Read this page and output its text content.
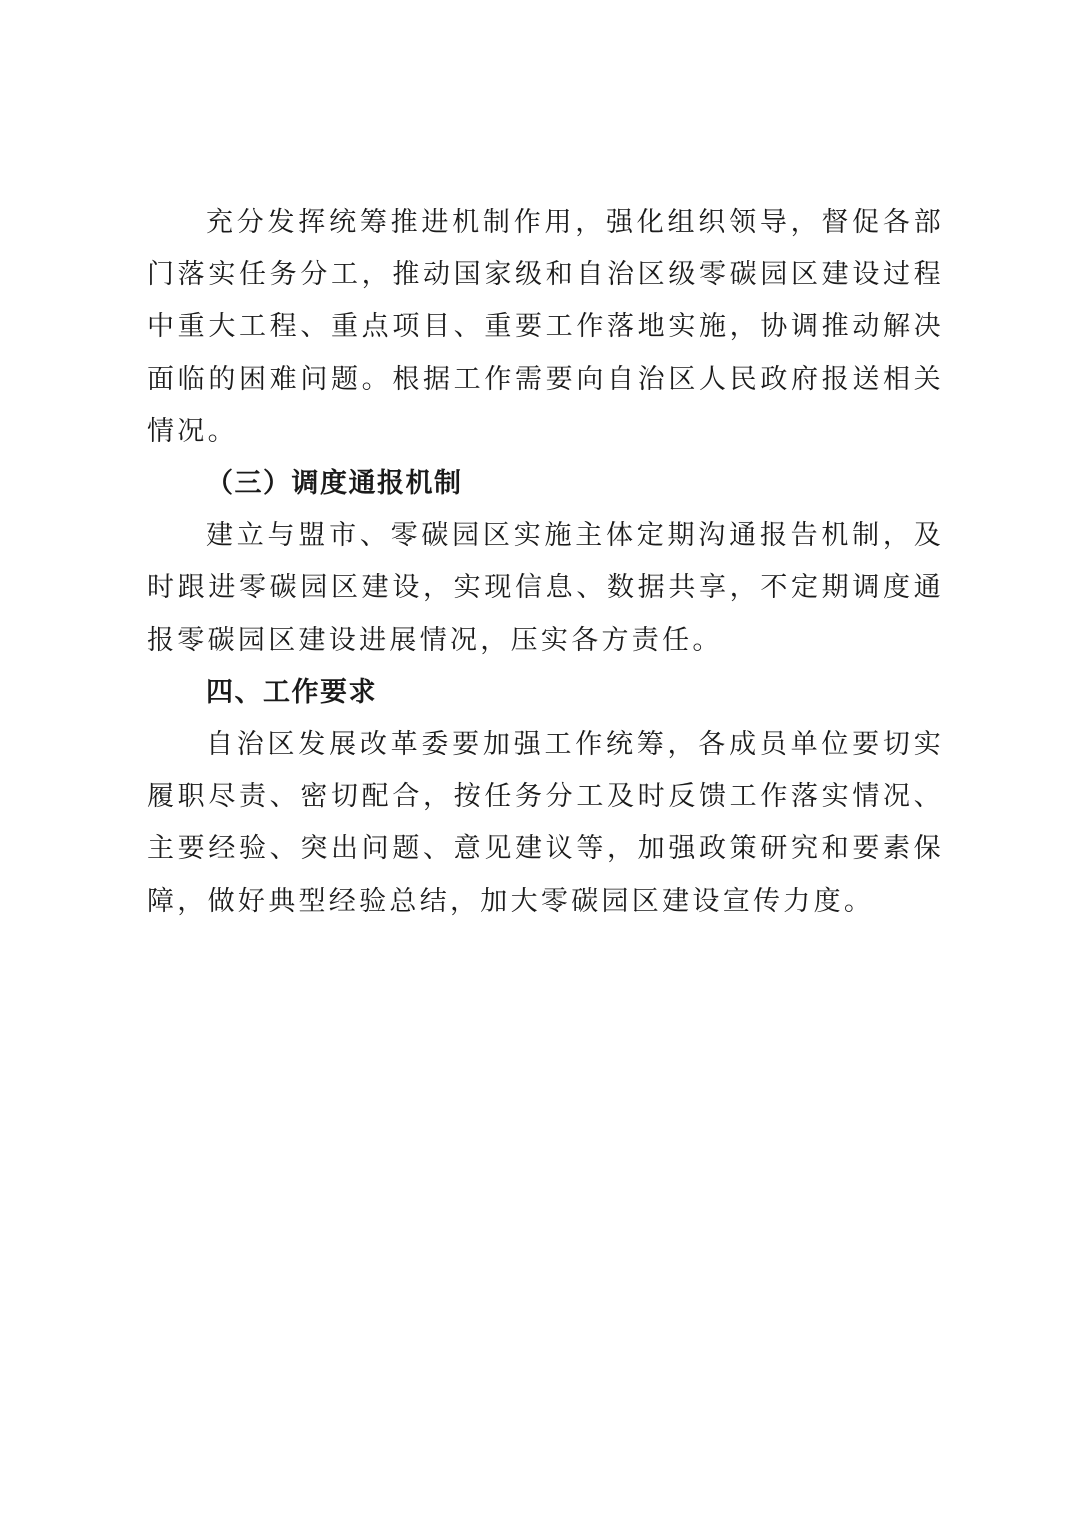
充分发挥统筹推进机制作用，强化组织领导，督促各部门落实任务分工，推动国家级和自治区级零碳园区建设过程中重大工程、重点项目、重要工作落地实施，协调推动解决面临的困难问题。根据工作需要向自治区人民政府报送相关情况。

（三）调度通报机制

建立与盟市、零碳园区实施主体定期沟通报告机制，及时跟进零碳园区建设，实现信息、数据共享，不定期调度通报零碳园区建设进展情况，压实各方责任。

四、工作要求

自治区发展改革委要加强工作统筹，各成员单位要切实履职尽责、密切配合，按任务分工及时反馈工作落实情况、主要经验、突出问题、意见建议等，加强政策研究和要素保障，做好典型经验总结，加大零碳园区建设宣传力度。
